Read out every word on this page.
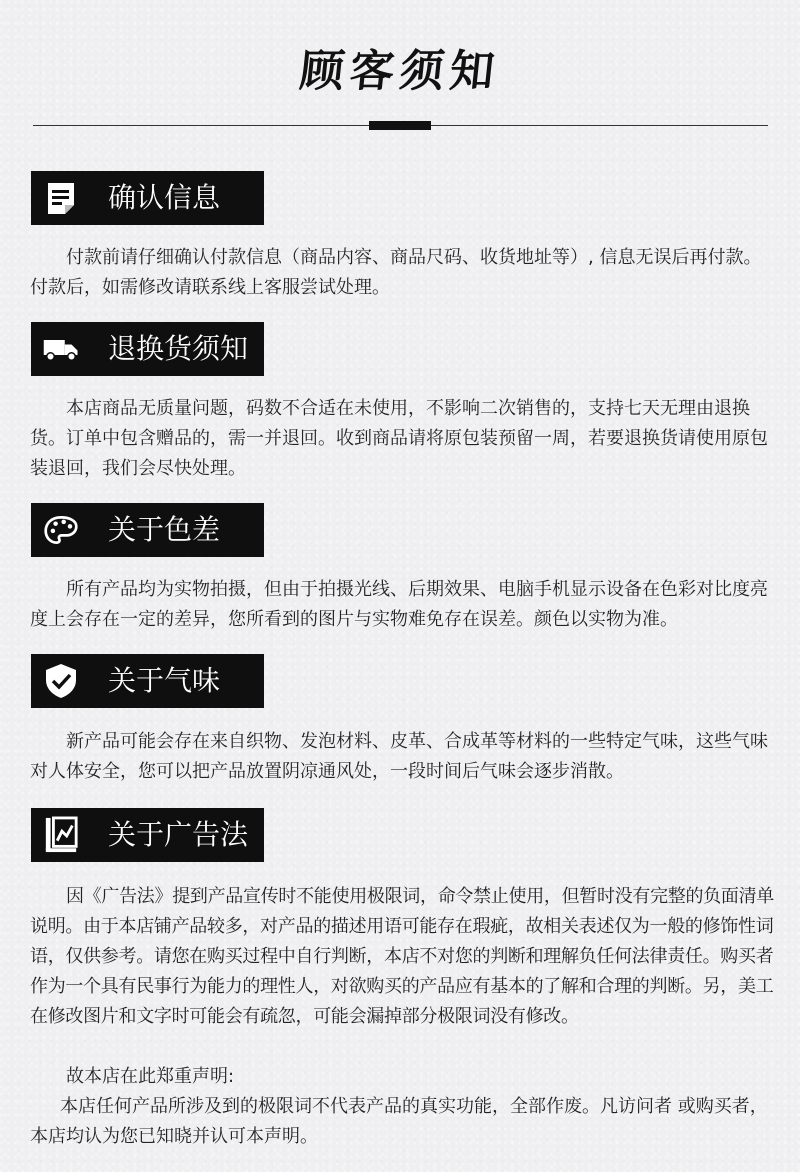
顾客须知
确认信息

付款前请仔细确认付款信息（商品内容、商品尺码、收货地址等）, 信息无误后再付款。付款后，如需修改请联系线上客服尝试处理。

退换货须知

本店商品无质量问题，码数不合适在未使用，不影响二次销售的，支持七天无理由退换货。订单中包含赠品的，需一并退回。收到商品请将原包装预留一周，若要退换货请使用原包装退回，我们会尽快处理。

关于色差

所有产品均为实物拍摄，但由于拍摄光线、后期效果、电脑手机显示设备在色彩对比度亮度上会存在一定的差异，您所看到的图片与实物难免存在误差。颜色以实物为准。

关于气味

新产品可能会存在来自织物、发泡材料、皮革、合成革等材料的一些特定气味，这些气味对人体安全，您可以把产品放置阴凉通风处，一段时间后气味会逐步消散。

关于广告法

因《广告法》提到产品宣传时不能使用极限词，命令禁止使用，但暂时没有完整的负面清单说明。由于本店铺产品较多，对产品的描述用语可能存在瑕疵，故相关表述仅为一般的修饰性词语，仅供参考。请您在购买过程中自行判断，本店不对您的判断和理解负任何法律责任。购买者作为一个具有民事行为能力的理性人，对欲购买的产品应有基本的了解和合理的判断。另，美工在修改图片和文字时可能会有疏忽，可能会漏掉部分极限词没有修改。

故本店在此郑重声明:

本店任何产品所涉及到的极限词不代表产品的真实功能，全部作废。凡访问者 或购买者，本店均认为您已知晓并认可本声明。
